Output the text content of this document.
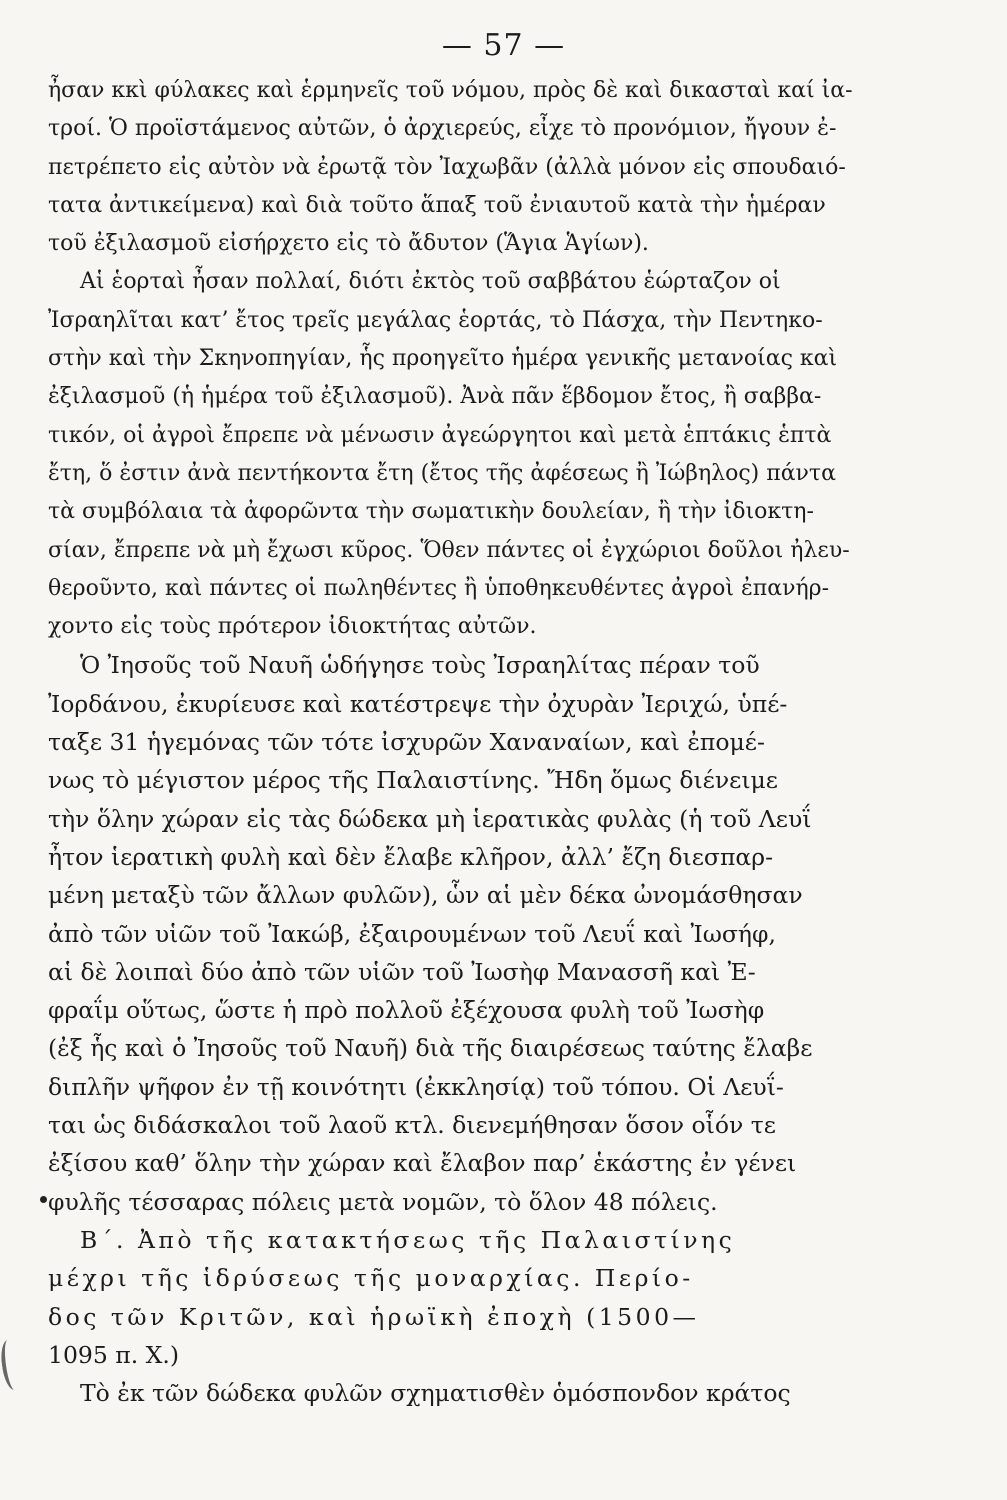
— 57 —
ἦσαν κκὶ φύλακες καὶ ἑρμηνεῖς τοῦ νόμου, πρὸς δὲ καὶ δικασταὶ καί ἰα-
τροί. Ὁ προϊστάμενος αὐτῶν, ὁ ἀρχιερεύς, εἶχε τὸ προνόμιον, ἤγουν ἐ-
πετρέπετο εἰς αὐτὸν νὰ ἐρωτᾷ τὸν Ἰαχωβᾶν (ἀλλὰ μόνον εἰς σπουδαιό-
τατα ἀντικείμενα) καὶ διὰ τοῦτο ἅπαξ τοῦ ἐνιαυτοῦ κατὰ τὴν ἡμέραν
τοῦ ἐξιλασμοῦ εἰσήρχετο εἰς τὸ ἄδυτον (Ἅγια Ἁγίων).
Αἱ ἑορταὶ ἦσαν πολλαί, διότι ἐκτὸς τοῦ σαββάτου ἑώρταζον οἱ
Ἰσραηλῖται κατ’ ἔτος τρεῖς μεγάλας ἑορτάς, τὸ Πάσχα, τὴν Πεντηκο-
στὴν καὶ τὴν Σκηνοπηγίαν, ἧς προηγεῖτο ἡμέρα γενικῆς μετανοίας καὶ
ἐξιλασμοῦ (ἡ ἡμέρα τοῦ ἐξιλασμοῦ). Ἀνὰ πᾶν ἕβδομον ἔτος, ἢ σαββα-
τικόν, οἱ ἀγροὶ ἔπρεπε νὰ μένωσιν ἀγεώργητοι καὶ μετὰ ἑπτάκις ἑπτὰ
ἔτη, ὅ ἐστιν ἀνὰ πεντήκοντα ἔτη (ἔτος τῆς ἀφέσεως ἢ Ἰώβηλος) πάντα
τὰ συμβόλαια τὰ ἀφορῶντα τὴν σωματικὴν δουλείαν, ἢ τὴν ἰδιοκτη-
σίαν, ἔπρεπε νὰ μὴ ἔχωσι κῦρος. Ὅθεν πάντες οἱ ἐγχώριοι δοῦλοι ἠλευ-
θεροῦντο, καὶ πάντες οἱ πωληθέντες ἢ ὑποθηκευθέντες ἀγροὶ ἐπανήρ-
χοντο εἰς τοὺς πρότερον ἰδιοκτήτας αὐτῶν.
Ὁ Ἰησοῦς τοῦ Ναυῆ ὡδήγησε τοὺς Ἰσραηλίτας πέραν τοῦ
Ἰορδάνου, ἐκυρίευσε καὶ κατέστρεψε τὴν ὀχυρὰν Ἰεριχώ, ὑπέ-
ταξε 31 ἡγεμόνας τῶν τότε ἰσχυρῶν Χαναναίων, καὶ ἐπομέ-
νως τὸ μέγιστον μέρος τῆς Παλαιστίνης. Ἤδη ὅμως διένειμε
τὴν ὅλην χώραν εἰς τὰς δώδεκα μὴ ἱερατικὰς φυλὰς (ἡ τοῦ Λευΐ
ἦτον ἱερατικὴ φυλὴ καὶ δὲν ἔλαβε κλῆρον, ἀλλ’ ἔζη διεσπαρ-
μένη μεταξὺ τῶν ἄλλων φυλῶν), ὧν αἱ μὲν δέκα ὠνομάσθησαν
ἀπὸ τῶν υἱῶν τοῦ Ἰακώβ, ἐξαιρουμένων τοῦ Λευΐ καὶ Ἰωσήφ,
αἱ δὲ λοιπαὶ δύο ἀπὸ τῶν υἱῶν τοῦ Ἰωσὴφ Μανασσῆ καὶ Ἐ-
φραΐμ οὕτως, ὥστε ἡ πρὸ πολλοῦ ἐξέχουσα φυλὴ τοῦ Ἰωσὴφ
(ἐξ ἧς καὶ ὁ Ἰησοῦς τοῦ Ναυῆ) διὰ τῆς διαιρέσεως ταύτης ἔλαβε
διπλῆν ψῆφον ἐν τῇ κοινότητι (ἐκκλησίᾳ) τοῦ τόπου. Οἱ Λευΐ-
ται ὡς διδάσκαλοι τοῦ λαοῦ κτλ. διενεμήθησαν ὅσον οἷόν τε
ἐξίσου καθ’ ὅλην τὴν χώραν καὶ ἔλαβον παρ’ ἑκάστης ἐν γένει
φυλῆς τέσσαρας πόλεις μετὰ νομῶν, τὸ ὅλον 48 πόλεις.
Β΄. Ἀπὸ τῆς κατακτήσεως τῆς Παλαιστίνης
μέχρι τῆς ἱδρύσεως τῆς μοναρχίας. Περίο-
δος τῶν Κριτῶν, καὶ ἡρωϊκὴ ἐποχὴ (1500—
1095 π. Χ.)
Τὸ ἐκ τῶν δώδεκα φυλῶν σχηματισθὲν ὁμόσπονδον κράτος
